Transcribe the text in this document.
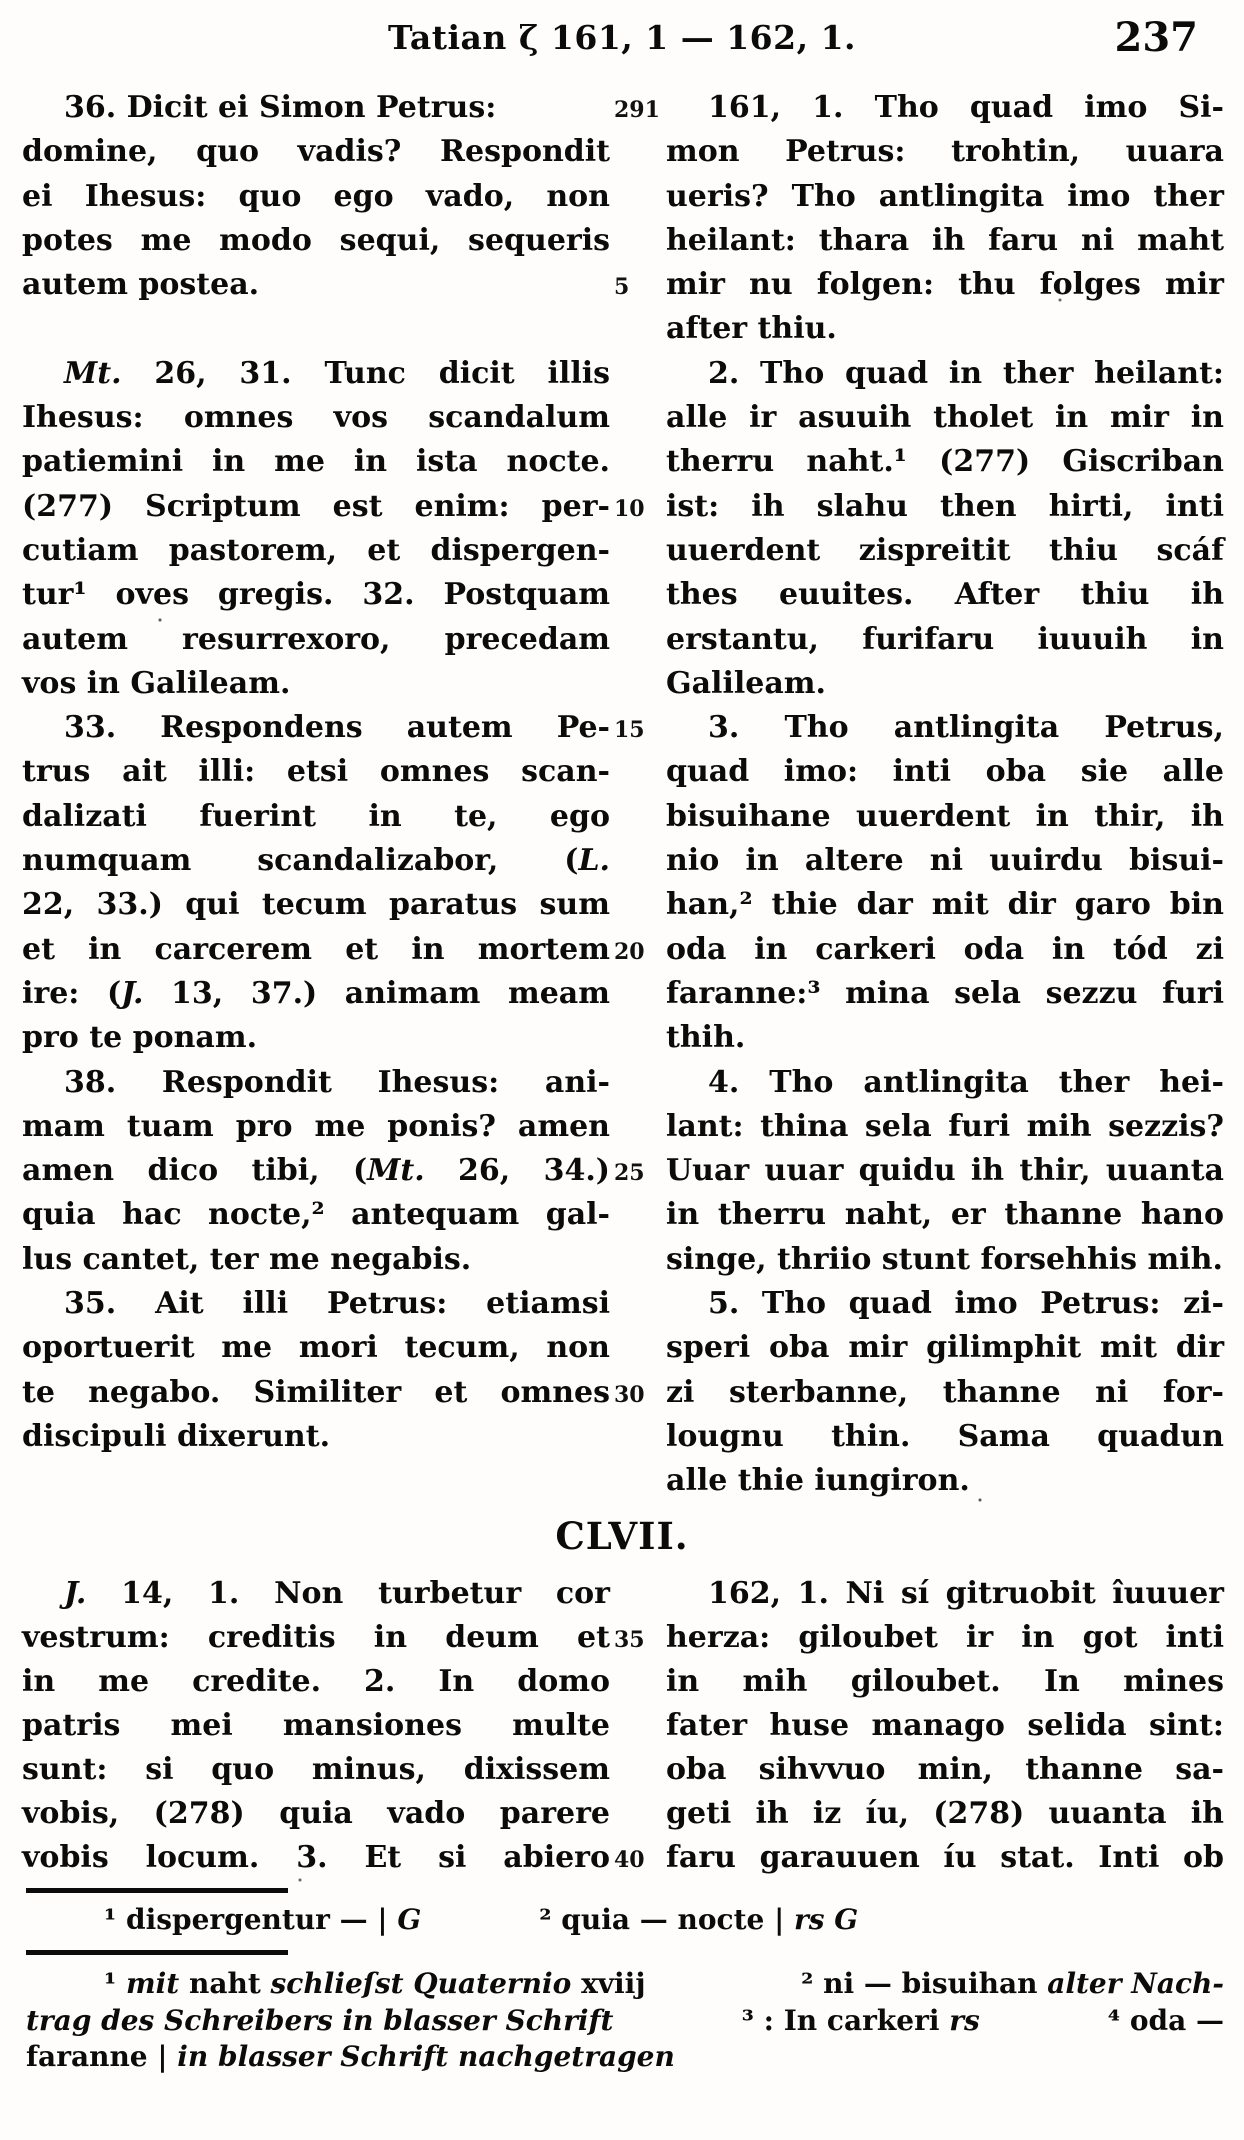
Tatian ζ 161, 1 — 162, 1.	237
36. Dicit ei Simon Petrus:	291	161, 1. Tho quad imo Si-
domine, quo vadis? Respondit mon Petrus: trohtin, uuara
ei Ihesus: quo ego vado, non ueris? Tho antlingita imo ther
potes me modo sequi, sequeris heilant: thara ih faru ni maht
autem postea.	5	mir nu folgen: thu folges mir
after thiu.
Mt. 26, 31. Tunc dicit illis	2. Tho quad in ther heilant:
Ihesus: omnes vos scandalum alle ir asuuih tholet in mir in
patiemini in me in ista nocte. therru naht.¹ (277) Giscriban
(277) Scriptum est enim: per- 10 ist: ih slahu then hirti, inti
cutiam pastorem, et dispergen- uuerdent zispreitit thiu scáf
tur¹ oves gregis. 32. Postquam thes euuites. After thiu ih
autem resurrexoro, precedam erstantu, furifaru iuuuih in
vos in Galileam.	Galileam.
33. Respondens autem Pe- 15	3. Tho antlingita Petrus,
trus ait illi: etsi omnes scan- quad imo: inti oba sie alle
dalizati fuerint in te, ego bisuihane uuerdent in thir, ih
numquam scandalizabor, (L. nio in altere ni uuirdu bisui-
22, 33.) qui tecum paratus sum han,² thie dar mit dir garo bin
et in carcerem et in mortem 20 oda in carkeri oda in tód zi
ire: (J. 13, 37.) animam meam faranne:³ mina sela sezzu furi
pro te ponam.	thih.
38. Respondit Ihesus: ani-	4. Tho antlingita ther hei-
mam tuam pro me ponis? amen lant: thina sela furi mih sezzis?
amen dico tibi, (Mt. 26, 34.) 25 Uuar uuar quidu ih thir, uuanta
quia hac nocte,² antequam gal- in therru naht, er thanne hano
lus cantet, ter me negabis.	singe, thriio stunt forsehhis mih.
35. Ait illi Petrus: etiamsi	5. Tho quad imo Petrus: zi-
oportuerit me mori tecum, non speri oba mir gilimphit mit dir
te negabo. Similiter et omnes 30 zi sterbanne, thanne ni for-
discipuli dixerunt.	lougnu thin. Sama quadun
alle thie iungiron.
CLVII.
J. 14, 1. Non turbetur cor	162, 1. Ni sí gitruobit îuuuer
vestrum: creditis in deum et 35 herza: giloubet ir in got inti
in me credite. 2. In domo in mih giloubet. In mines
patris mei mansiones multe fater huse manago selida sint:
sunt: si quo minus, dixissem oba sihvvuo min, thanne sa-
vobis, (278) quia vado parere geti ih iz íu, (278) uuanta ih
vobis locum. 3. Et si abiero 40 faru garauuen íu stat. Inti ob
¹ dispergentur — | G	² quia — nocte | rs G
¹ mit naht schlieſst Quaternio xviij	² ni — bisuihan alter Nach-
trag des Schreibers in blasser Schrift	³ : In carkeri rs	⁴ oda —
faranne | in blasser Schrift nachgetragen
